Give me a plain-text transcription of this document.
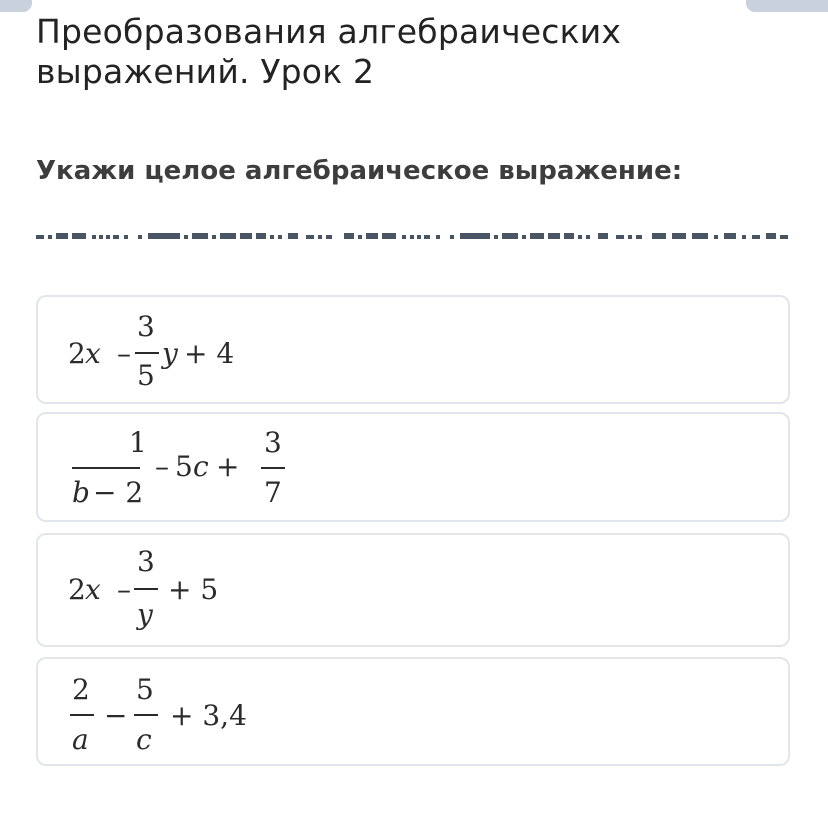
Преобразования алгебраических
выражений. Урок 2
Укажи целое алгебраическое выражение:
2 x –
3
5
y + 4
1
b − 2
– 5 c +
3
7
2 x –
3
y
+ 5
2
a
−
5
c
+ 3,4
